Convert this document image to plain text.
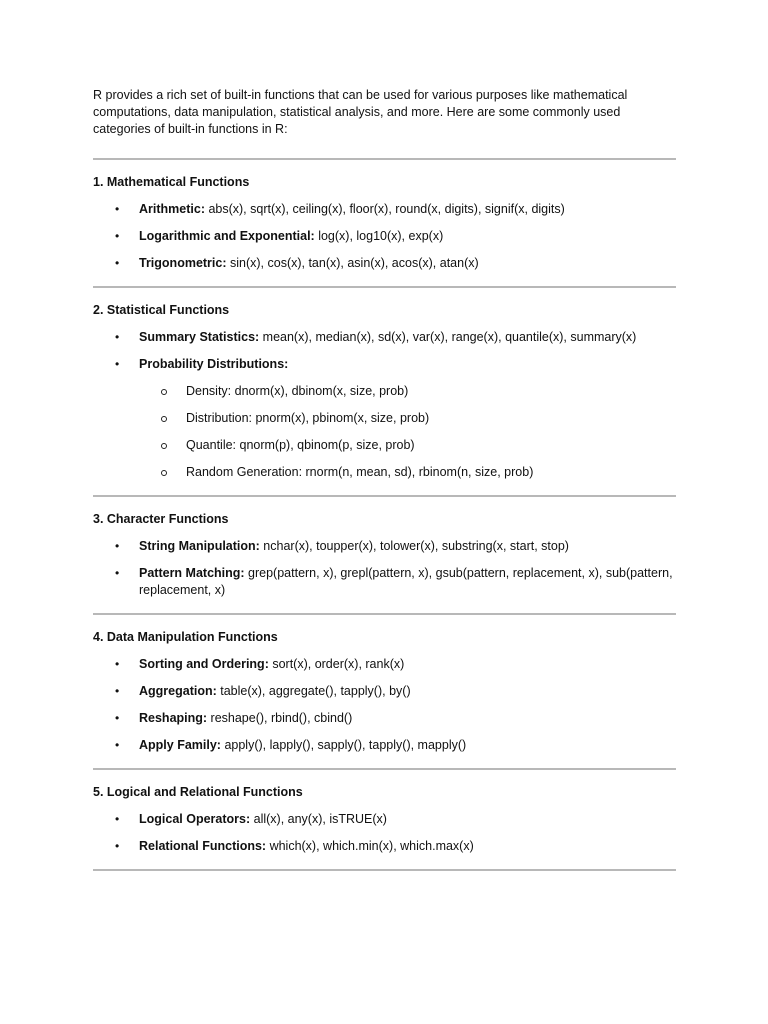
R provides a rich set of built-in functions that can be used for various purposes like mathematical computations, data manipulation, statistical analysis, and more. Here are some commonly used categories of built-in functions in R:

1. Mathematical Functions

• Arithmetic: abs(x), sqrt(x), ceiling(x), floor(x), round(x, digits), signif(x, digits)
• Logarithmic and Exponential: log(x), log10(x), exp(x)
• Trigonometric: sin(x), cos(x), tan(x), asin(x), acos(x), atan(x)

2. Statistical Functions

• Summary Statistics: mean(x), median(x), sd(x), var(x), range(x), quantile(x), summary(x)
• Probability Distributions:
Density: dnorm(x), dbinom(x, size, prob)
Distribution: pnorm(x), pbinom(x, size, prob)
Quantile: qnorm(p), qbinom(p, size, prob)
Random Generation: rnorm(n, mean, sd), rbinom(n, size, prob)

3. Character Functions

• String Manipulation: nchar(x), toupper(x), tolower(x), substring(x, start, stop)
• Pattern Matching: grep(pattern, x), grepl(pattern, x), gsub(pattern, replacement, x), sub(pattern, replacement, x)

4. Data Manipulation Functions

• Sorting and Ordering: sort(x), order(x), rank(x)
• Aggregation: table(x), aggregate(), tapply(), by()
• Reshaping: reshape(), rbind(), cbind()
• Apply Family: apply(), lapply(), sapply(), tapply(), mapply()

5. Logical and Relational Functions

• Logical Operators: all(x), any(x), isTRUE(x)
• Relational Functions: which(x), which.min(x), which.max(x)
